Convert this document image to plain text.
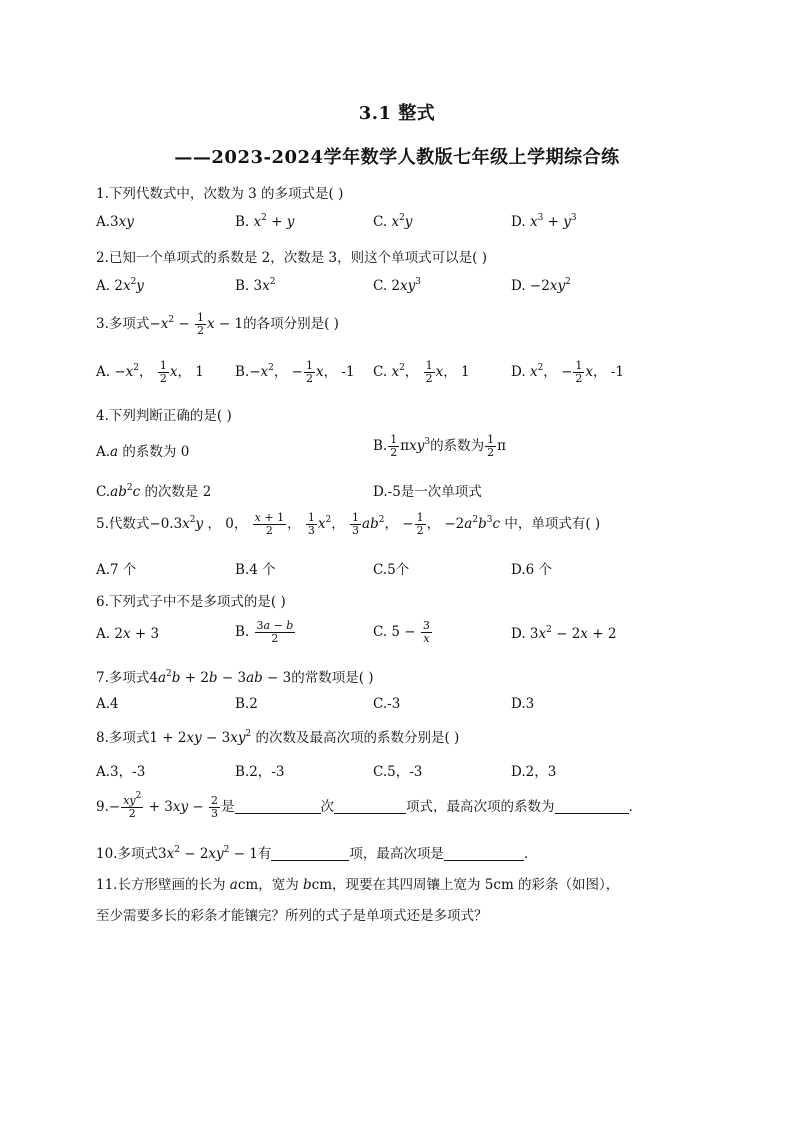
3.1 整式
——2023-2024学年数学人教版七年级上学期综合练
1.下列代数式中，次数为 3 的多项式是( )
A.3xy	B. $x^2 + y$	C. $x^2y$	D. $x^3 + y^3$
2.已知一个单项式的系数是 2，次数是 3，则这个单项式可以是( )
A. $2x^2y$	B. $3x^2$	C. $2xy^3$	D. $-2xy^2$
3.多项式$-x^2 - \frac{1}{2}$ x − 1的各项分别是( )
A. $-x^2$， $\frac{1}{2}$ x， 1 $B.-x^2$， − $\frac{1}{2}$ x， -1 C. $x^2$， $\frac{1}{2}$ x， 1	D. $x^2$， − $\frac{1}{2}$ x， -1
4.下列判断正确的是( )
A.a 的系数为 0	B. $\frac{1}{2} \pi xy^3$的系数为 $\frac{1}{2}$ π
$C.ab^2c$ 的次数是 2	D.-5是一次单项式
5.代数式$-0.3x^2y$ ， 0， $\frac{x + 1}{2}$ ， $\frac{1}{3} x^2$， $\frac{1}{3} ab^2$， − $\frac{1}{2}$ ， $-2a^2b^3c$ 中，单项式有( )
A.7 个	B.4 个	C.5个	D.6 个
6.下列式子中不是多项式的是( )
A. 2x + 3	B. $\frac{3a - b}{2}$	C. $5 - \frac{3}{x}$	D. $3x^2 - 2x + 2$
7.多项式$4a^2b + 2b - 3ab - 3$的常数项是( )
A.4	B.2	C.-3	D.3
8.多项式$1 + 2xy - 3xy^2$ 的次数及最高次项的系数分别是( )
A.3，-3	B.2，-3	C.5，-3	D.2，3
$9.- \frac{xy^2}{2} + 3xy - \frac{2}{3}$ 是	次	项式，最高次项的系数为	.
10.多项式$3x^2 - 2xy^2 - 1$有	项，最高次项是	.
11.长方形壁画的长为 acm，宽为 bcm，现要在其四周镶上宽为 5cm 的彩条（如图），
至少需要多长的彩条才能镶完？所列的式子是单项式还是多项式？
